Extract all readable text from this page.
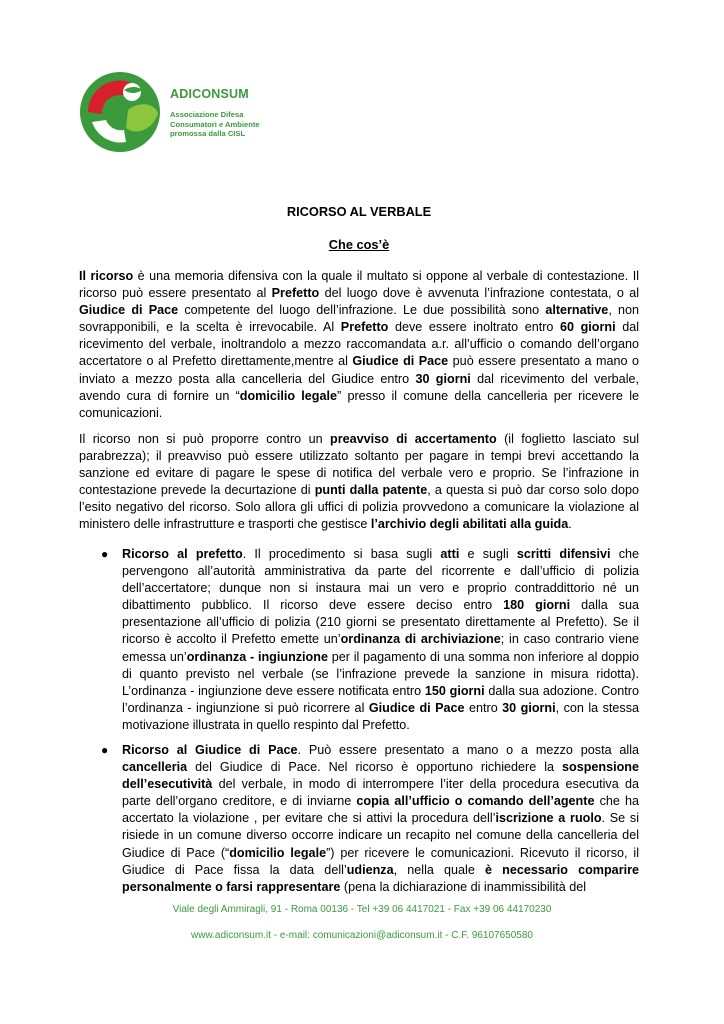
ADICONSUM
Associazione Difesa
Consumatori e Ambiente
promossa dalla CISL
RICORSO AL VERBALE
Che cos’è

Il ricorso è una memoria difensiva con la quale il multato si oppone al verbale di contestazione. Il ricorso può essere presentato al Prefetto del luogo dove è avvenuta l’infrazione contestata, o al Giudice di Pace competente del luogo dell’infrazione. Le due possibilità sono alternative, non sovrapponibili, e la scelta è irrevocabile. Al Prefetto deve essere inoltrato entro 60 giorni dal ricevimento del verbale, inoltrandolo a mezzo raccomandata a.r. all’ufficio o comando dell’organo accertatore o al Prefetto direttamente,mentre al Giudice di Pace può essere presentato a mano o inviato a mezzo posta alla cancelleria del Giudice entro 30 giorni dal ricevimento del verbale, avendo cura di fornire un “domicilio legale” presso il comune della cancelleria per ricevere le comunicazioni.

Il ricorso non si può proporre contro un preavviso di accertamento (il foglietto lasciato sul parabrezza); il preavviso può essere utilizzato soltanto per pagare in tempi brevi accettando la sanzione ed evitare di pagare le spese di notifica del verbale vero e proprio. Se l’infrazione in contestazione prevede la decurtazione di punti dalla patente, a questa si può dar corso solo dopo l’esito negativo del ricorso. Solo allora gli uffici di polizia provvedono a comunicare la violazione al ministero delle infrastrutture e trasporti che gestisce l’archivio degli abilitati alla guida.

● Ricorso al prefetto. Il procedimento si basa sugli atti e sugli scritti difensivi che pervengono all’autorità amministrativa da parte del ricorrente e dall’ufficio di polizia dell’accertatore; dunque non si instaura mai un vero e proprio contraddittorio né un dibattimento pubblico. Il ricorso deve essere deciso entro 180 giorni dalla sua presentazione all’ufficio di polizia (210 giorni se presentato direttamente al Prefetto). Se il ricorso è accolto il Prefetto emette un’ordinanza di archiviazione; in caso contrario viene emessa un’ordinanza - ingiunzione per il pagamento di una somma non inferiore al doppio di quanto previsto nel verbale (se l’infrazione prevede la sanzione in misura ridotta). L’ordinanza - ingiunzione deve essere notificata entro 150 giorni dalla sua adozione. Contro l’ordinanza - ingiunzione si può ricorrere al Giudice di Pace entro 30 giorni, con la stessa motivazione illustrata in quello respinto dal Prefetto.

● Ricorso al Giudice di Pace. Può essere presentato a mano o a mezzo posta alla cancelleria del Giudice di Pace. Nel ricorso è opportuno richiedere la sospensione dell’esecutività del verbale, in modo di interrompere l’iter della procedura esecutiva da parte dell’organo creditore, e di inviarne copia all’ufficio o comando dell’agente che ha accertato la violazione , per evitare che si attivi la procedura dell’iscrizione a ruolo. Se si risiede in un comune diverso occorre indicare un recapito nel comune della cancelleria del Giudice di Pace (“domicilio legale”) per ricevere le comunicazioni. Ricevuto il ricorso, il Giudice di Pace fissa la data dell’udienza, nella quale è necessario comparire personalmente o farsi rappresentare (pena la dichiarazione di inammissibilità del

Viale degli Ammiragli, 91 - Roma 00136 - Tel +39 06 4417021 - Fax +39 06 44170230
www.adiconsum.it - e-mail: comunicazioni@adiconsum.it - C.F. 96107650580
